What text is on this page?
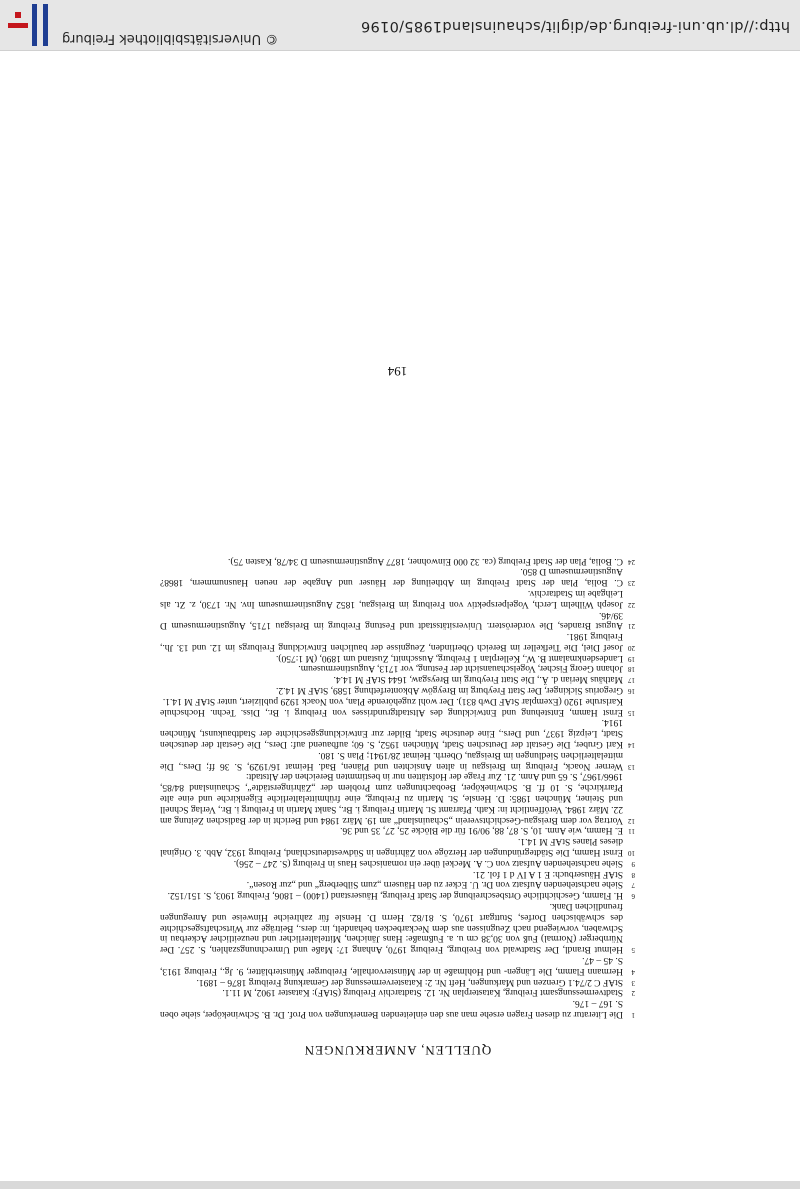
QUELLEN, ANMERKUNGEN
1
Die Literatur zu diesen Fragen ersehe man aus den einleitenden Bemerkungen von Prof. Dr. B. Schwineköper, siehe oben S. 167 – 176.
2
Stadtvermessungsamt Freiburg, Katasterplan Nr. 12. Stadtarchiv Freiburg (StAF): Kataster 1902, M 11.1.
3
StAF C 2/74.1 Grenzen und Markungen, Heft Nr. 2: Katastervermessung der Gemarkung Freiburg 1876 – 1891.
4
Hermann Flamm, Die Längen- und Hohlmaße in der Münstervorhalle, Freiburger Münsterblätter, 9. Jg., Freiburg 1913, S. 45 – 47.
5
Helmut Brandl, Der Stadtwald von Freiburg, Freiburg 1970, Anhang 17: Maße und Umrechnungszahlen, S. 257. Der Nürnberger (Normal) Fuß von 30,38 cm u. a. Fußmaße: Hans Jänichen, Mittelalterlicher und neuzeitlicher Ackerbau in Schwaben, vorwiegend nach Zeugnissen aus dem Neckarbecken behandelt, in: ders., Beiträge zur Wirtschaftsgeschichte des schwäbischen Dorfes, Stuttgart 1970, S. 81/82. Herrn D. Hensle für zahlreiche Hinweise und Anregungen freundlichen Dank.
6
H. Flamm, Geschichtliche Ortsbeschreibung der Stadt Freiburg, Häuserstand (1400) – 1806, Freiburg 1903, S. 151/152.
7
Siehe nachstehenden Aufsatz von Dr. U. Ecker zu den Häusern „zum Silberberg“ und „zur Rosen“.
8
StAF Häuserbuch: E 1 A IV d 1 fol. 21.
9
Siehe nachstehenden Aufsatz von C. A. Meckel über ein romanisches Haus in Freiburg (S. 247 – 256).
10
Ernst Hamm, Die Städtegründungen der Herzöge von Zähringen in Südwestdeutschland, Freiburg 1932, Abb. 3. Original dieses Planes StAF M 14.1.
11
E. Hamm, wie Anm. 10, S. 87, 88, 90/91 für die Blöcke 25, 27, 35 und 36.
12
Vortrag vor dem Breisgau-Geschichtsverein „Schauinsland“ am 19. März 1984 und Bericht in der Badischen Zeitung am 22. März 1984. Veröffentlicht in: Kath. Pfarramt St. Martin Freiburg i. Br., Sankt Martin in Freiburg i. Br., Verlag Schnell und Steiner, München 1985: D. Hensle, St. Martin zu Freiburg, eine frühmittelalterliche Eigenkirche und eine alte Pfarrkirche, S. 10 ff. B. Schwineköper, Beobachtungen zum Problem der „Zähringerstädte“, Schauinsland 84/85, 1966/1967, S. 65 und Anm. 21. Zur Frage der Hofstätten nur in bestimmten Bereichen der Altstadt:
13
Werner Noack, Freiburg im Breisgau in alten Ansichten und Plänen, Bad. Heimat 16/1929, S. 36 ff; Ders., Die mittelalterlichen Siedlungen im Breisgau, Oberrh. Heimat 28/1941; Plan S. 180.
14
Karl Gruber, Die Gestalt der Deutschen Stadt, München 1952, S. 60; aufbauend auf: Ders., Die Gestalt der deutschen Stadt, Leipzig 1937, und Ders., Eine deutsche Stadt, Bilder zur Entwicklungsgeschichte der Stadtbaukunst, München 1914.
15
Ernst Hamm, Entstehung und Entwicklung des Altstadtgrundrisses von Freiburg i. Br., Diss. Techn. Hochschule Karlsruhe 1920 (Exemplar StAF Dwb 831). Der wohl zugehörende Plan, von Noack 1929 publiziert, unter StAF M 14.1.
16
Gregorius Sickinger, Der Statt Freyburg im Breygöw Abkonterfethung 1589, StAF M 14.2.
17
Mathäus Merian d. Ä., Die Statt Freyburg im Breysgaw, 1644 StAF M 14.4.
18
Johann Georg Fischer, Vogelschauansicht der Festung, vor 1713, Augustinermuseum.
19
Landesdenkmalamt B. W., Kellerplan 1 Freiburg, Ausschnitt, Zustand um 1890, (M 1:750).
20
Josef Diel, Die Tiefkeller im Bereich Oberlinden, Zeugnisse der baulichen Entwicklung Freiburgs im 12. und 13. Jh., Freiburg 1981.
21
August Brandes, Die vorderösterr. Universitätsstadt und Festung Freiburg im Breisgau 1715, Augustinermuseum D 39/46.
22
Joseph Wilhelm Lerch, Vogelperspektiv von Freiburg im Breisgau, 1852 Augustinermuseum Inv. Nr. 1730, z. Zt. als Leihgabe im Stadtarchiv.
23
C. Bolia, Plan der Stadt Freiburg im Abtheilung der Häuser und Angabe der neuen Hausnummern, 1868? Augustinermuseum D 850.
24
C. Bolia, Plan der Stadt Freiburg (ca. 32 000 Einwohner, 1877 Augustinermuseum D 34/78, Kasten 75).
194
© Universitätsbibliothek Freiburg
http://dl.ub.uni-freiburg.de/diglit/schauinsland1985/0196
